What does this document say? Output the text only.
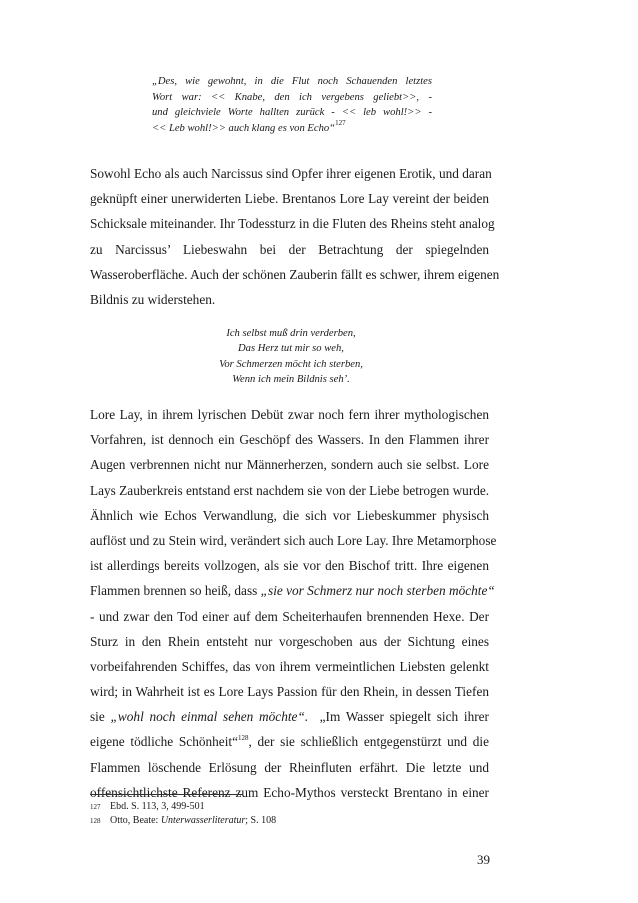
„Des, wie gewohnt, in die Flut noch Schauenden letztes
Wort war: << Knabe, den ich vergebens geliebt>>, -
und gleichviele Worte hallten zurück - << leb wohl!>> -
<< Leb wohl!>> auch klang es von Echo“$^{127}$
Sowohl Echo als auch Narcissus sind Opfer ihrer eigenen Erotik, und daran
geknüpft einer unerwiderten Liebe. Brentanos Lore Lay vereint der beiden
Schicksale miteinander. Ihr Todessturz in die Fluten des Rheins steht analog
zu Narcissus’ Liebeswahn bei der Betrachtung der spiegelnden
Wasseroberfläche. Auch der schönen Zauberin fällt es schwer, ihrem eigenen
Bildnis zu widerstehen.
Ich selbst muß drin verderben,
Das Herz tut mir so weh,
Vor Schmerzen möcht ich sterben,
Wenn ich mein Bildnis seh’.
Lore Lay, in ihrem lyrischen Debüt zwar noch fern ihrer mythologischen
Vorfahren, ist dennoch ein Geschöpf des Wassers. In den Flammen ihrer
Augen verbrennen nicht nur Männerherzen, sondern auch sie selbst. Lore
Lays Zauberkreis entstand erst nachdem sie von der Liebe betrogen wurde.
Ähnlich wie Echos Verwandlung, die sich vor Liebeskummer physisch
auflöst und zu Stein wird, verändert sich auch Lore Lay. Ihre Metamorphose
ist allerdings bereits vollzogen, als sie vor den Bischof tritt. Ihre eigenen
Flammen brennen so heiß, dass „sie vor Schmerz nur noch sterben möchte“
- und zwar den Tod einer auf dem Scheiterhaufen brennenden Hexe. Der
Sturz in den Rhein entsteht nur vorgeschoben aus der Sichtung eines
vorbeifahrenden Schiffes, das von ihrem vermeintlichen Liebsten gelenkt
wird; in Wahrheit ist es Lore Lays Passion für den Rhein, in dessen Tiefen
sie „wohl noch einmal sehen möchte“.  „Im Wasser spiegelt sich ihrer
eigene tödliche Schönheit“$^{128}$, der sie schließlich entgegenstürzt und die
Flammen löschende Erlösung der Rheinfluten erfährt. Die letzte und
offensichtlichste Referenz zum Echo-Mythos versteckt Brentano in einer
127 Ebd. S. 113, 3, 499-501
128 Otto, Beate: Unterwasserliteratur; S. 108
39
